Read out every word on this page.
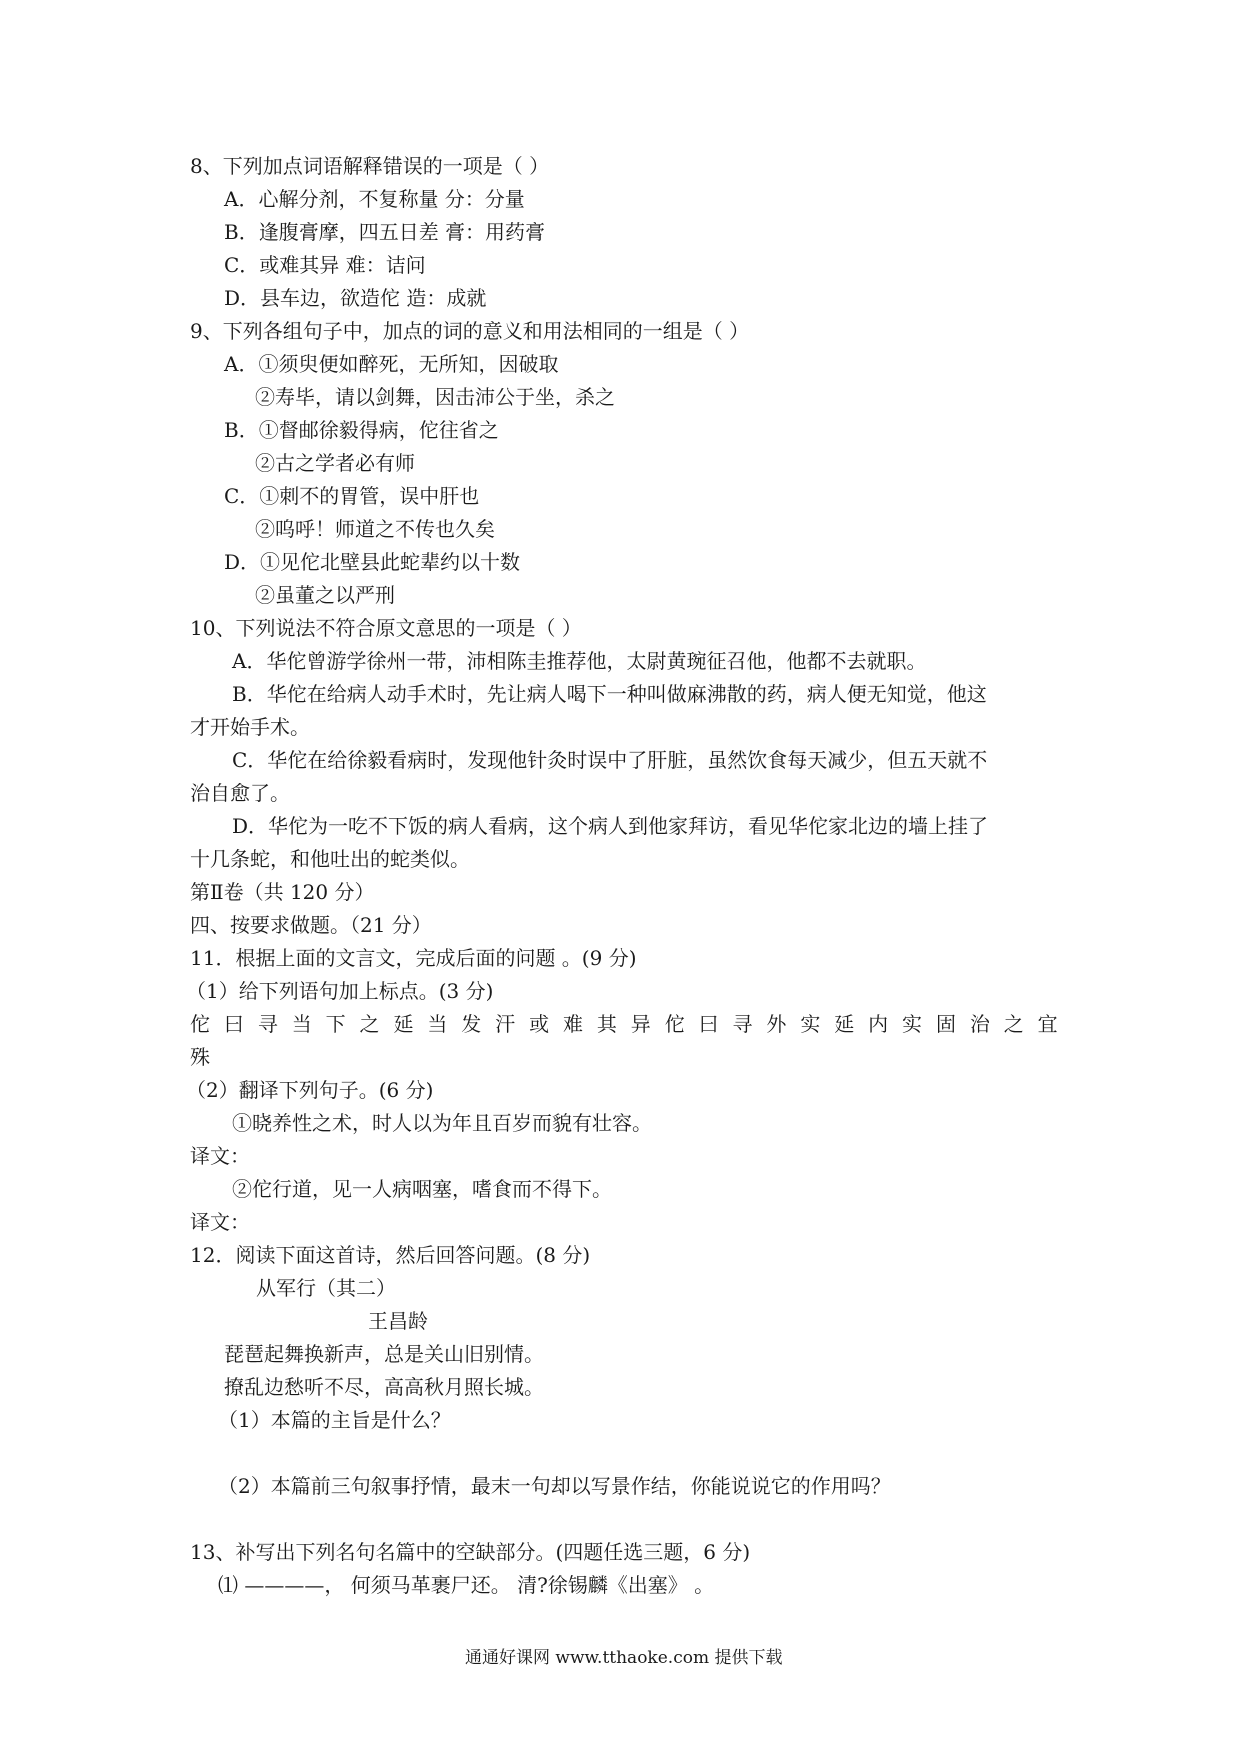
8、下列加点词语解释错误的一项是（ ）
A．心解分剂，不复称量 分：分量
B．逢腹膏摩，四五日差 膏：用药膏
C．或难其异 难：诘问
D．县车边，欲造佗 造：成就
9、下列各组句子中，加点的词的意义和用法相同的一组是（ ）
A．①须臾便如醉死，无所知，因破取
②寿毕，请以剑舞，因击沛公于坐，杀之
B．①督邮徐毅得病，佗往省之
②古之学者必有师
C．①刺不的胃管，误中肝也
②呜呼！师道之不传也久矣
D．①见佗北壁县此蛇辈约以十数
②虽董之以严刑
10、下列说法不符合原文意思的一项是（ ）
A．华佗曾游学徐州一带，沛相陈圭推荐他，太尉黄琬征召他，他都不去就职。
B．华佗在给病人动手术时，先让病人喝下一种叫做麻沸散的药，病人便无知觉，他这
才开始手术。
C．华佗在给徐毅看病时，发现他针灸时误中了肝脏，虽然饮食每天减少，但五天就不
治自愈了。
D．华佗为一吃不下饭的病人看病，这个病人到他家拜访，看见华佗家北边的墙上挂了
十几条蛇，和他吐出的蛇类似。
第Ⅱ卷（共 120 分）
四、按要求做题。（21 分）
11．根据上面的文言文，完成后面的问题 。(9 分)
（1）给下列语句加上标点。(3 分)
佗 曰 寻 当 下 之 延 当 发 汗 或 难 其 异 佗 曰 寻 外 实 延 内 实 固 治 之 宜
殊
（2）翻译下列句子。(6 分)
①晓养性之术，时人以为年且百岁而貌有壮容。
译文：
②佗行道，见一人病咽塞，嗜食而不得下。
译文：
12．阅读下面这首诗，然后回答问题。(8 分)
从军行（其二）
王昌龄
琵琶起舞换新声，总是关山旧别情。
撩乱边愁听不尽，高高秋月照长城。
（1）本篇的主旨是什么？
（2）本篇前三句叙事抒情，最末一句却以写景作结，你能说说它的作用吗？
13、补写出下列名句名篇中的空缺部分。(四题任选三题，6 分)
⑴ ————， 何须马革裹尸还。 清?徐锡麟《出塞》 。
通通好课网 www.tthaoke.com 提供下载
